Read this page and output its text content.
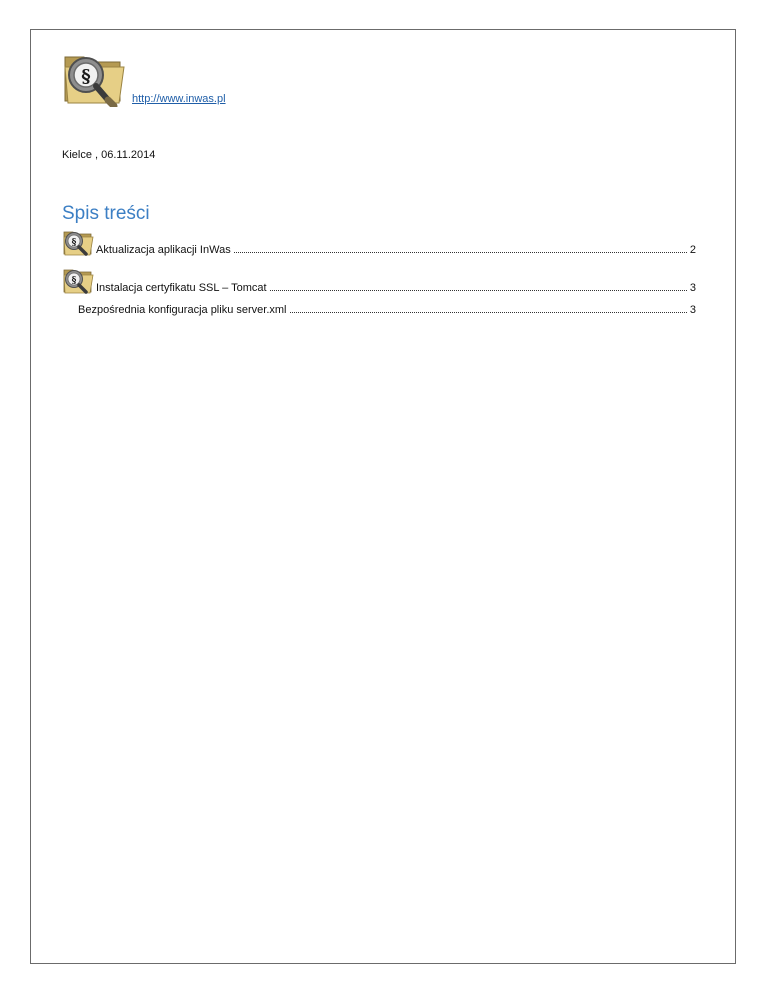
§
http://www.inwas.pl
Kielce , 06.11.2014
Spis treści
§
Aktualizacja aplikacji InWas	2
§
Instalacja certyfikatu SSL – Tomcat	3
Bezpośrednia konfiguracja pliku server.xml	3
